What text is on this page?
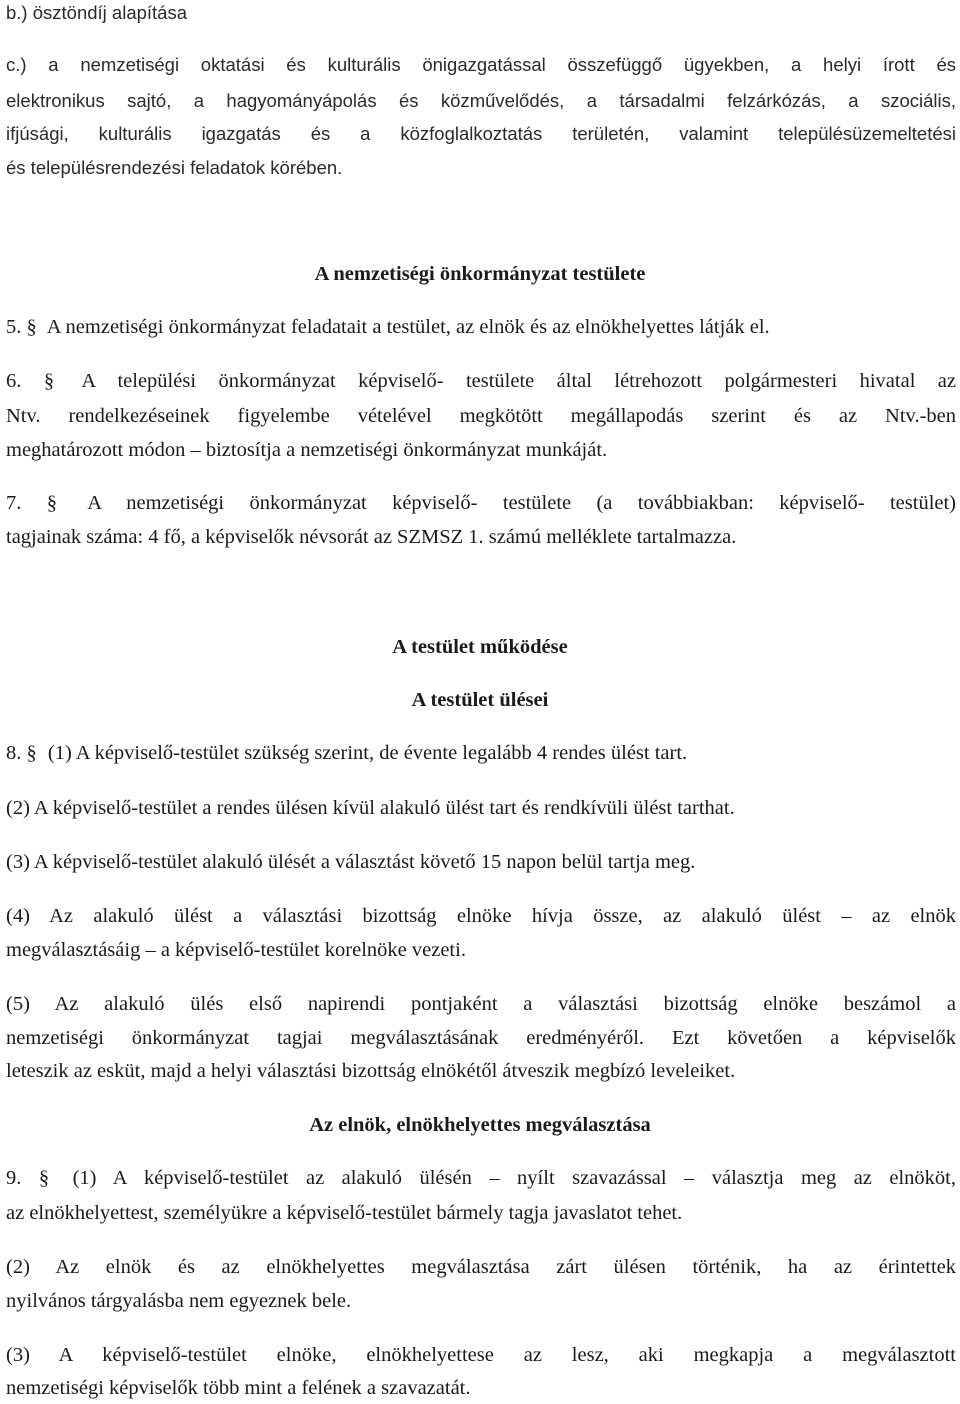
b.) ösztöndíj alapítása
c.) a nemzetiségi oktatási és kulturális önigazgatással összefüggő ügyekben, a helyi írott és
elektronikus sajtó, a hagyományápolás és közművelődés, a társadalmi felzárkózás, a szociális,
ifjúsági, kulturális igazgatás és a közfoglalkoztatás területén, valamint településüzemeltetési
és településrendezési feladatok körében.
A nemzetiségi önkormányzat testülete
5. § A nemzetiségi önkormányzat feladatait a testület, az elnök és az elnökhelyettes látják el.
6. § A települési önkormányzat képviselő- testülete által létrehozott polgármesteri hivatal az
Ntv. rendelkezéseinek figyelembe vételével megkötött megállapodás szerint és az Ntv.-ben
meghatározott módon – biztosítja a nemzetiségi önkormányzat munkáját.
7. § A nemzetiségi önkormányzat képviselő- testülete (a továbbiakban: képviselő- testület)
tagjainak száma: 4 fő, a képviselők névsorát az SZMSZ 1. számú melléklete tartalmazza.
A testület működése
A testület ülései
8. § (1) A képviselő-testület szükség szerint, de évente legalább 4 rendes ülést tart.
(2) A képviselő-testület a rendes ülésen kívül alakuló ülést tart és rendkívüli ülést tarthat.
(3) A képviselő-testület alakuló ülését a választást követő 15 napon belül tartja meg.
(4) Az alakuló ülést a választási bizottság elnöke hívja össze, az alakuló ülést – az elnök
megválasztásáig – a képviselő-testület korelnöke vezeti.
(5) Az alakuló ülés első napirendi pontjaként a választási bizottság elnöke beszámol a
nemzetiségi önkormányzat tagjai megválasztásának eredményéről. Ezt követően a képviselők
leteszik az esküt, majd a helyi választási bizottság elnökétől átveszik megbízó leveleiket.
Az elnök, elnökhelyettes megválasztása
9. § (1) A képviselő-testület az alakuló ülésén – nyílt szavazással – választja meg az elnököt,
az elnökhelyettest, személyükre a képviselő-testület bármely tagja javaslatot tehet.
(2) Az elnök és az elnökhelyettes megválasztása zárt ülésen történik, ha az érintettek
nyilvános tárgyalásba nem egyeznek bele.
(3) A képviselő-testület elnöke, elnökhelyettese az lesz, aki megkapja a megválasztott
nemzetiségi képviselők több mint a felének a szavazatát.
